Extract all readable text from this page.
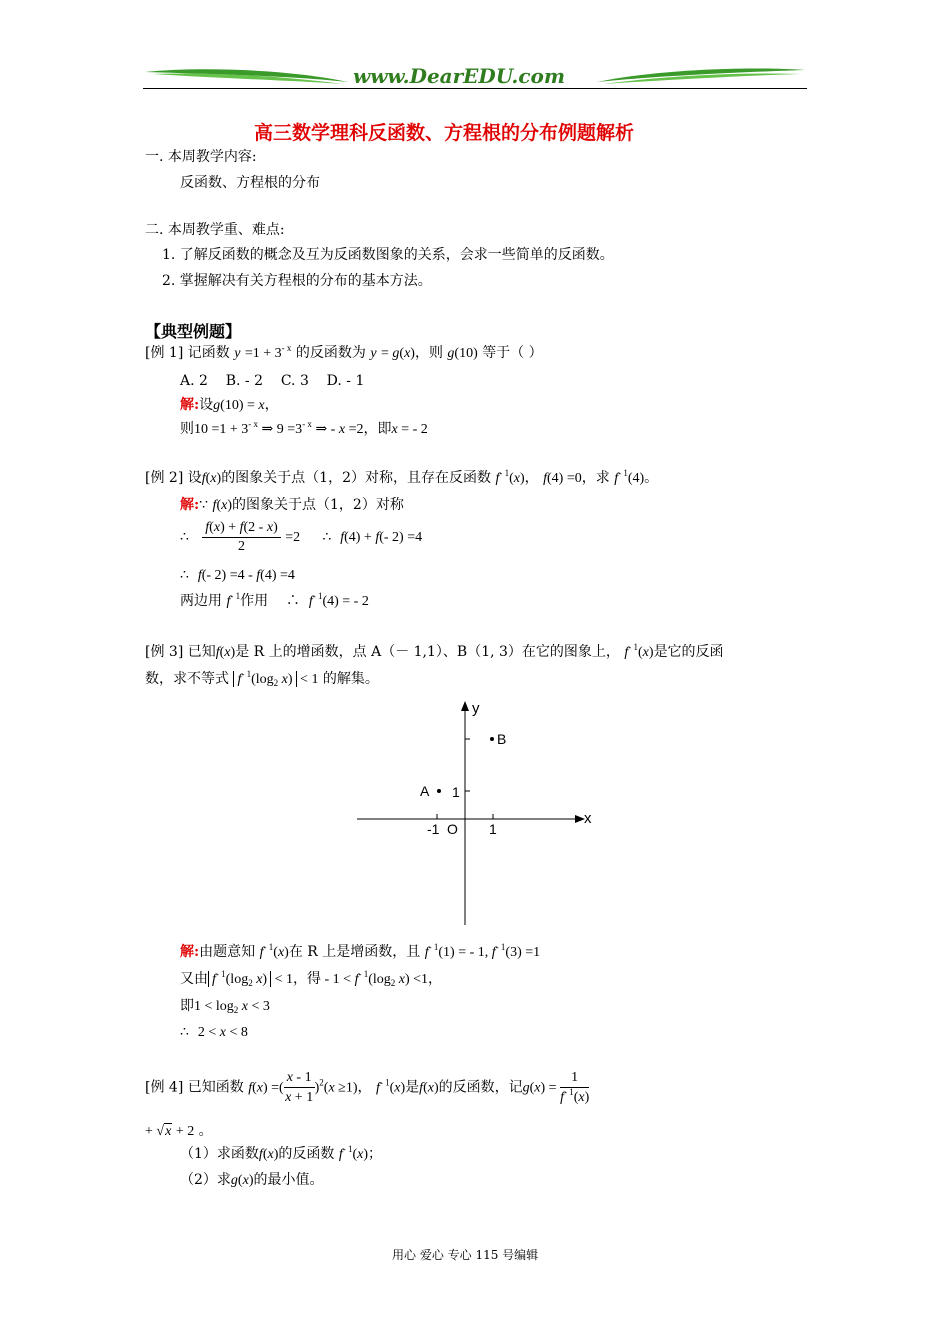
www.DearEDU.com
高三数学理科反函数、方程根的分布例题解析
一. 本周教学内容:
反函数、方程根的分布
二. 本周教学重、难点:
1. 了解反函数的概念及互为反函数图象的关系，会求一些简单的反函数。
2. 掌握解决有关方程根的分布的基本方法。
【典型例题】
[例 1] 记函数 $y =1 + 3^{- x}$ 的反函数为 y = g(x)，则 g(10) 等于（ ）
A. 2 B. - 2 C. 3 D. - 1
解:设g(10) = x，
则$10 =1 + 3^{- x}$ ⇒ $9 =3^{- x}$ ⇒ - x =2，即x = - 2
[例 2] 设f(x)的图象关于点（1，2）对称，且存在反函数 $f^{- 1}(x)$， f(4) =0，求 $f^{- 1}(4)$。
解:∵ f(x)的图象关于点（1，2）对称
∴ $\frac{f(x) + f(2 - x)}{2} =2$ ∴ f(4) + f(- 2) =4
∴ f(- 2) =4 - f(4) =4
两边用 $f^{- 1}$作用 ∴ $f^{- 1}(4)$ = - 2
[例 3] 已知f(x)是 R 上的增函数，点 A（－ 1,1）、B（1, 3）在它的图象上， $f^{- 1}(x)$是它的反函
数，求不等式 $f^{- 1}(\log_2$ x) < 1 的解集。
y
x
O
-1	1
1
A
B
解:由题意知 $f^{- 1}(x)$在 R 上是增函数，且 $f^{- 1}(1)$ = - 1, $f^{- 1}(3) =1$
又由 $f^{- 1}(\log_2$ x) < 1，得 - $1 < f^{- 1}(\log_2$ x) <1，
即$1 < \log_2 x < 3$
∴  2 < x < 8
[例 4] 已知函数 f(x) =( $\frac{x - 1}{x + 1} )^2(x \ge 1)$， $f^{- 1}(x)$是f(x)的反函数，记$g(x) = \frac{1}{f^{- 1}(x)}$
+ √x + 2 。
（1）求函数f(x)的反函数 $f^{- 1}(x)$；
（2）求g(x)的最小值。
用心 爱心 专心 115 号编辑
